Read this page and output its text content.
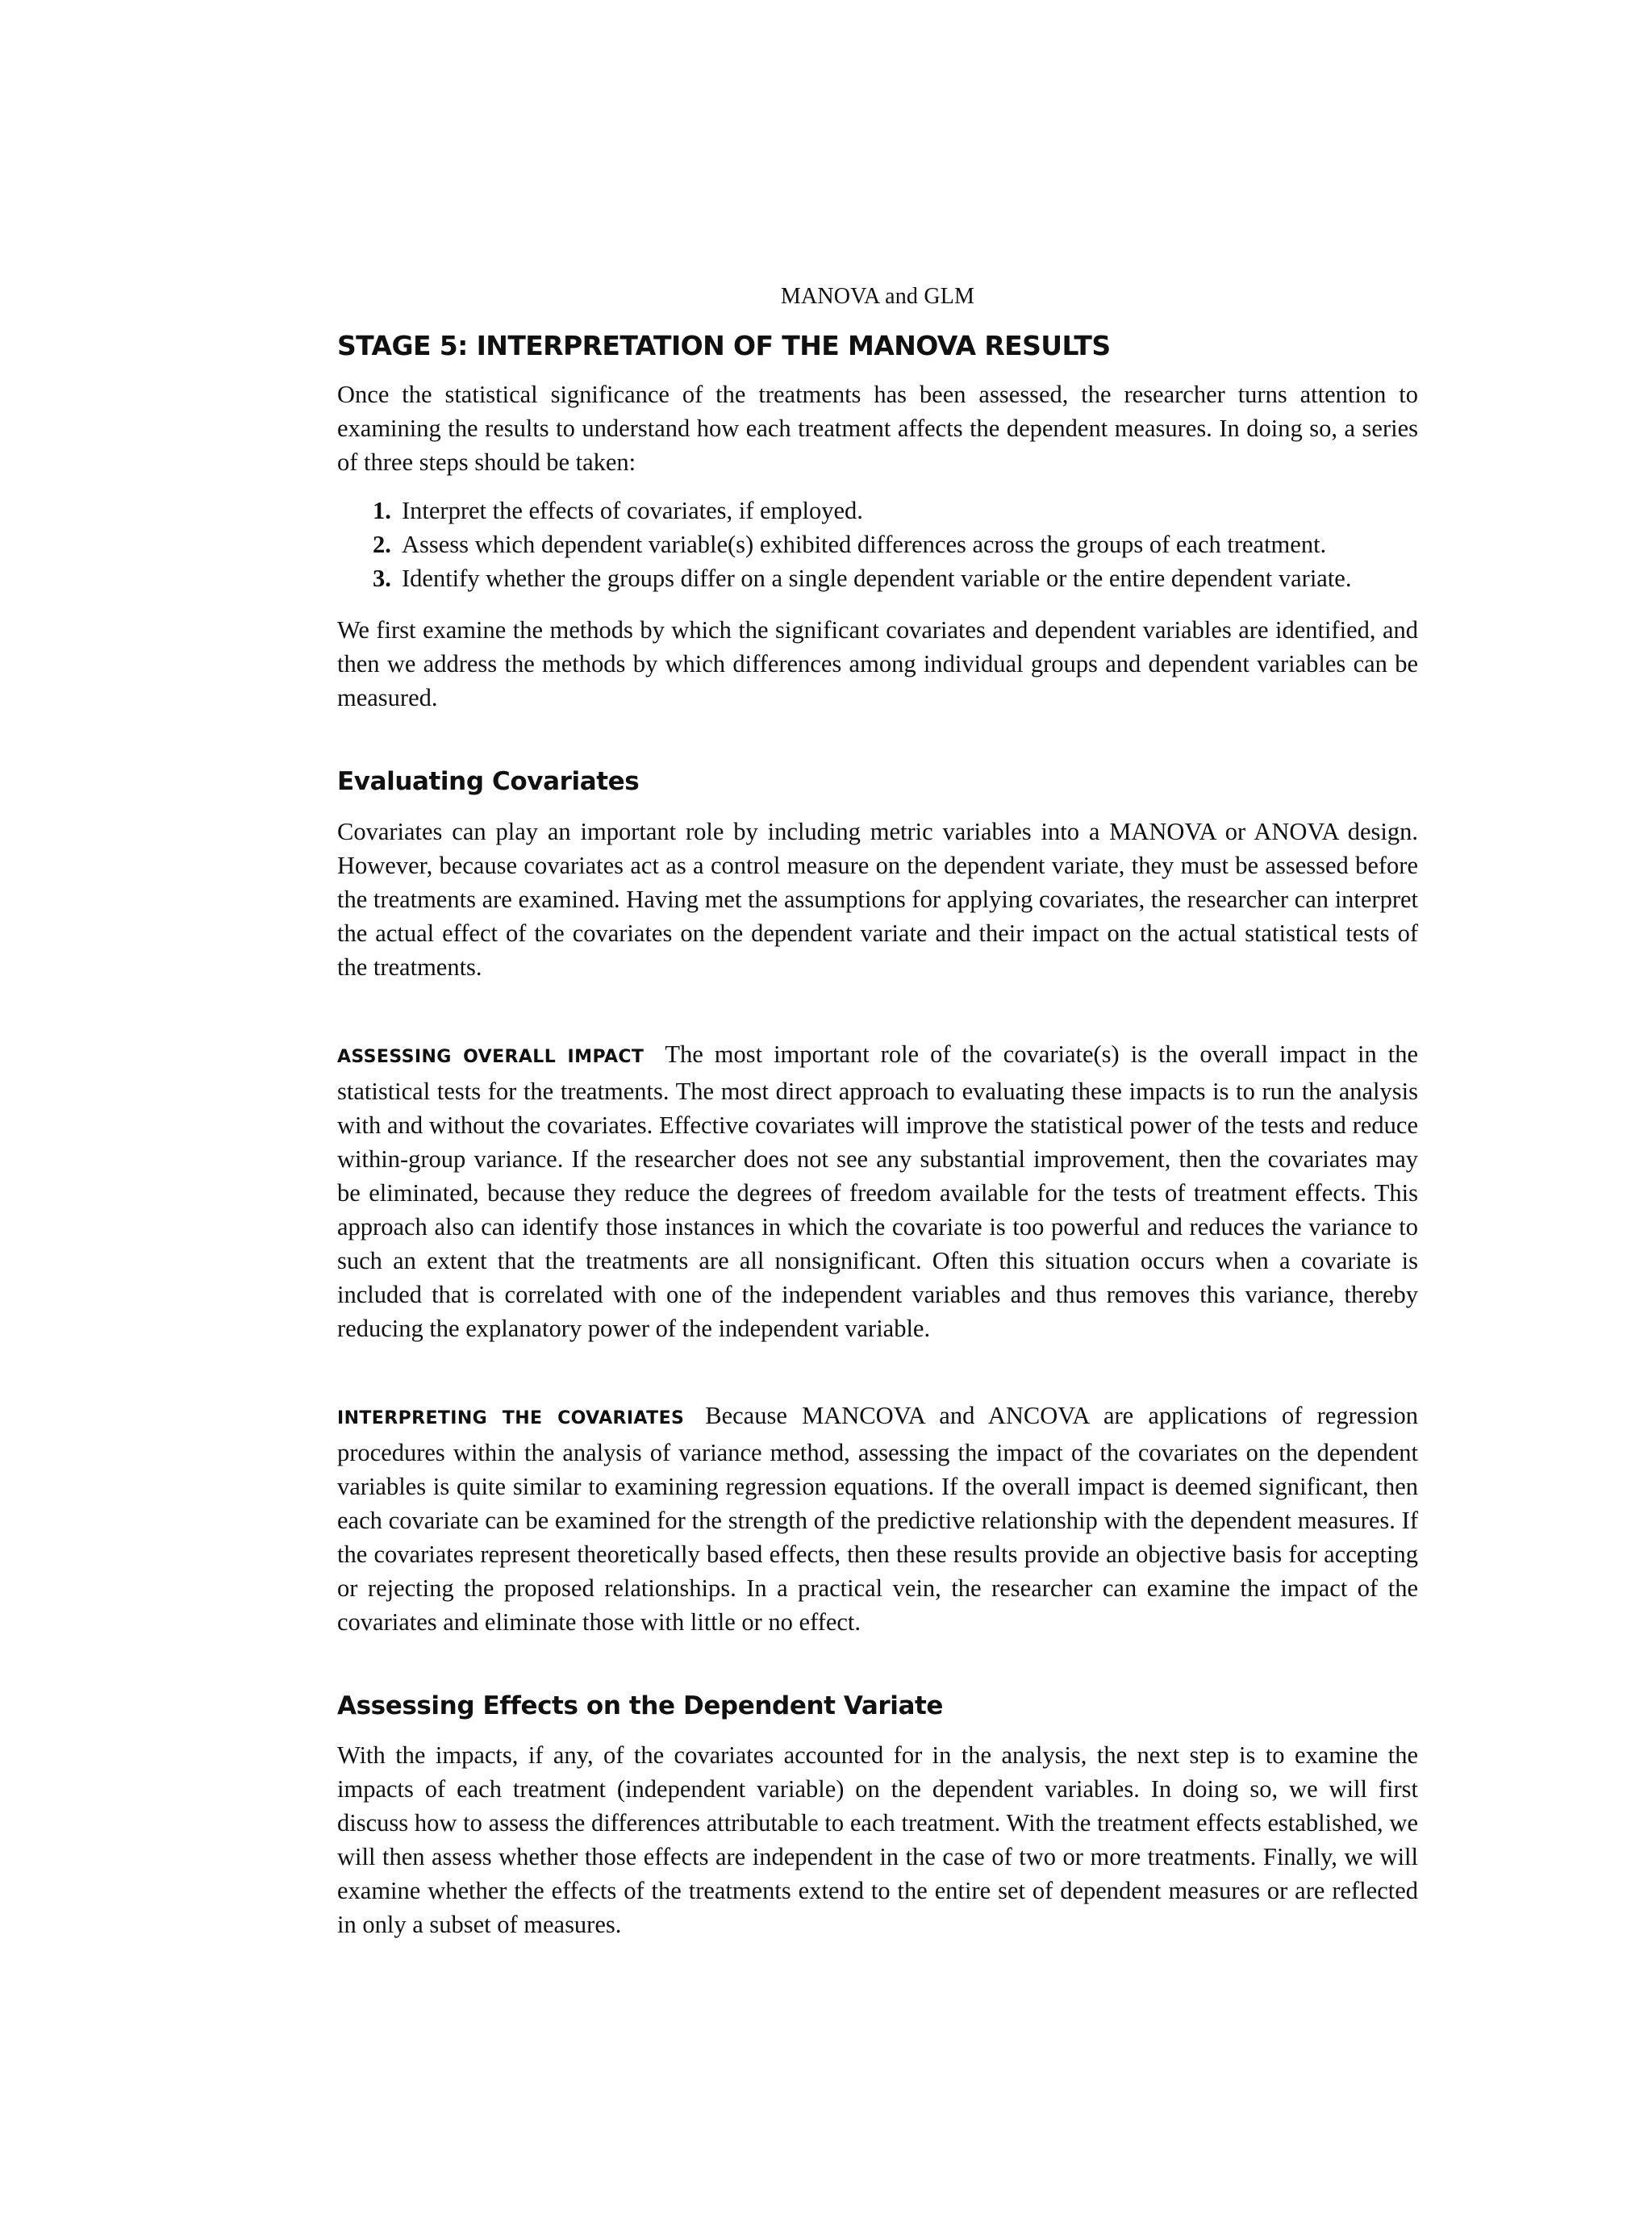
MANOVA and GLM
STAGE 5: INTERPRETATION OF THE MANOVA RESULTS

Once the statistical significance of the treatments has been assessed, the researcher turns attention to examining the results to understand how each treatment affects the dependent measures. In doing so, a series of three steps should be taken:

1. Interpret the effects of covariates, if employed.
2. Assess which dependent variable(s) exhibited differences across the groups of each treatment.
3. Identify whether the groups differ on a single dependent variable or the entire dependent variate.

We first examine the methods by which the significant covariates and dependent variables are identified, and then we address the methods by which differences among individual groups and dependent variables can be measured.

Evaluating Covariates

Covariates can play an important role by including metric variables into a MANOVA or ANOVA design. However, because covariates act as a control measure on the dependent variate, they must be assessed before the treatments are examined. Having met the assumptions for applying covariates, the researcher can interpret the actual effect of the covariates on the dependent variate and their impact on the actual statistical tests of the treatments.

ASSESSING OVERALL IMPACT The most important role of the covariate(s) is the overall impact in the statistical tests for the treatments. The most direct approach to evaluating these impacts is to run the analysis with and without the covariates. Effective covariates will improve the statistical power of the tests and reduce within-group variance. If the researcher does not see any substantial improvement, then the covariates may be eliminated, because they reduce the degrees of freedom available for the tests of treatment effects. This approach also can identify those instances in which the covariate is too powerful and reduces the variance to such an extent that the treatments are all nonsignificant. Often this situation occurs when a covariate is included that is correlated with one of the independent variables and thus removes this variance, thereby reducing the explanatory power of the independent variable.

INTERPRETING THE COVARIATES Because MANCOVA and ANCOVA are applications of regression procedures within the analysis of variance method, assessing the impact of the covariates on the dependent variables is quite similar to examining regression equations. If the overall impact is deemed significant, then each covariate can be examined for the strength of the predictive relationship with the dependent measures. If the covariates represent theoretically based effects, then these results provide an objective basis for accepting or rejecting the proposed relationships. In a practical vein, the researcher can examine the impact of the covariates and eliminate those with little or no effect.

Assessing Effects on the Dependent Variate

With the impacts, if any, of the covariates accounted for in the analysis, the next step is to examine the impacts of each treatment (independent variable) on the dependent variables. In doing so, we will first discuss how to assess the differences attributable to each treatment. With the treatment effects established, we will then assess whether those effects are independent in the case of two or more treatments. Finally, we will examine whether the effects of the treatments extend to the entire set of dependent measures or are reflected in only a subset of measures.
